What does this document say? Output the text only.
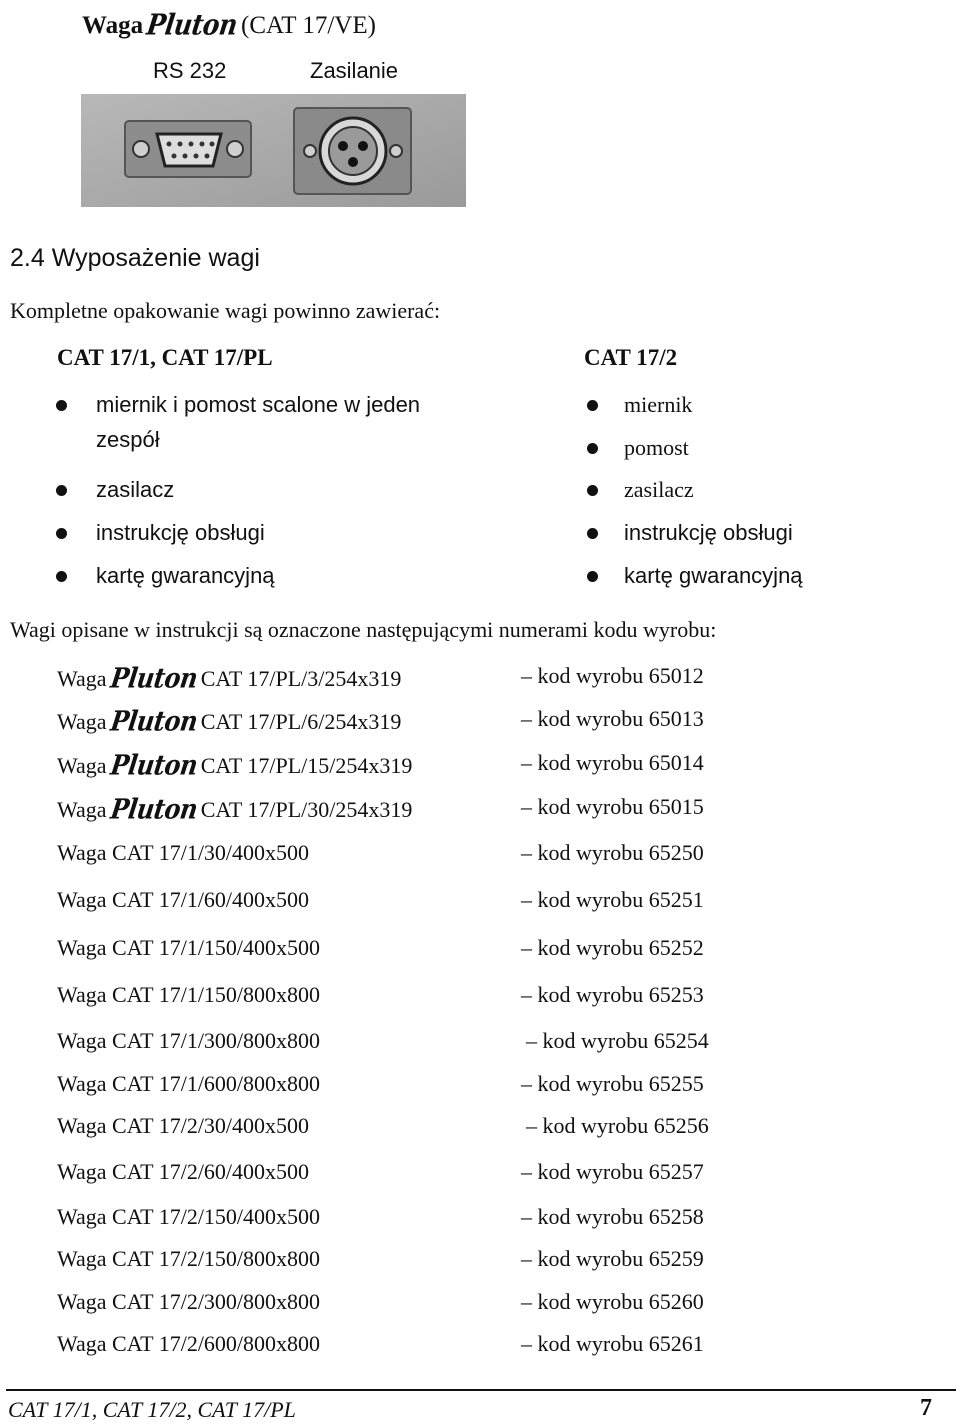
WagaPluton(CAT 17/VE)
RS 232	Zasilanie
2.4 Wyposażenie wagi
Kompletne opakowanie wagi powinno zawierać:
CAT 17/1, CAT 17/PL
miernik i pomost scalone w jeden
zespół
zasilacz
instrukcję obsługi
kartę gwarancyjną
CAT 17/2
miernik
pomost
zasilacz
instrukcję obsługi
kartę gwarancyjną
Wagi opisane w instrukcji są oznaczone następującymi numerami kodu wyrobu:
WagaPlutonCAT 17/PL/3/254x319	– kod wyrobu 65012
WagaPlutonCAT 17/PL/6/254x319	– kod wyrobu 65013
WagaPlutonCAT 17/PL/15/254x319	– kod wyrobu 65014
WagaPlutonCAT 17/PL/30/254x319	– kod wyrobu 65015
Waga CAT 17/1/30/400x500	– kod wyrobu 65250
Waga CAT 17/1/60/400x500	– kod wyrobu 65251
Waga CAT 17/1/150/400x500	– kod wyrobu 65252
Waga CAT 17/1/150/800x800	– kod wyrobu 65253
Waga CAT 17/1/300/800x800	– kod wyrobu 65254
Waga CAT 17/1/600/800x800	– kod wyrobu 65255
Waga CAT 17/2/30/400x500	– kod wyrobu 65256
Waga CAT 17/2/60/400x500	– kod wyrobu 65257
Waga CAT 17/2/150/400x500	– kod wyrobu 65258
Waga CAT 17/2/150/800x800	– kod wyrobu 65259
Waga CAT 17/2/300/800x800	– kod wyrobu 65260
Waga CAT 17/2/600/800x800	– kod wyrobu 65261
CAT 17/1, CAT 17/2, CAT 17/PL	7
